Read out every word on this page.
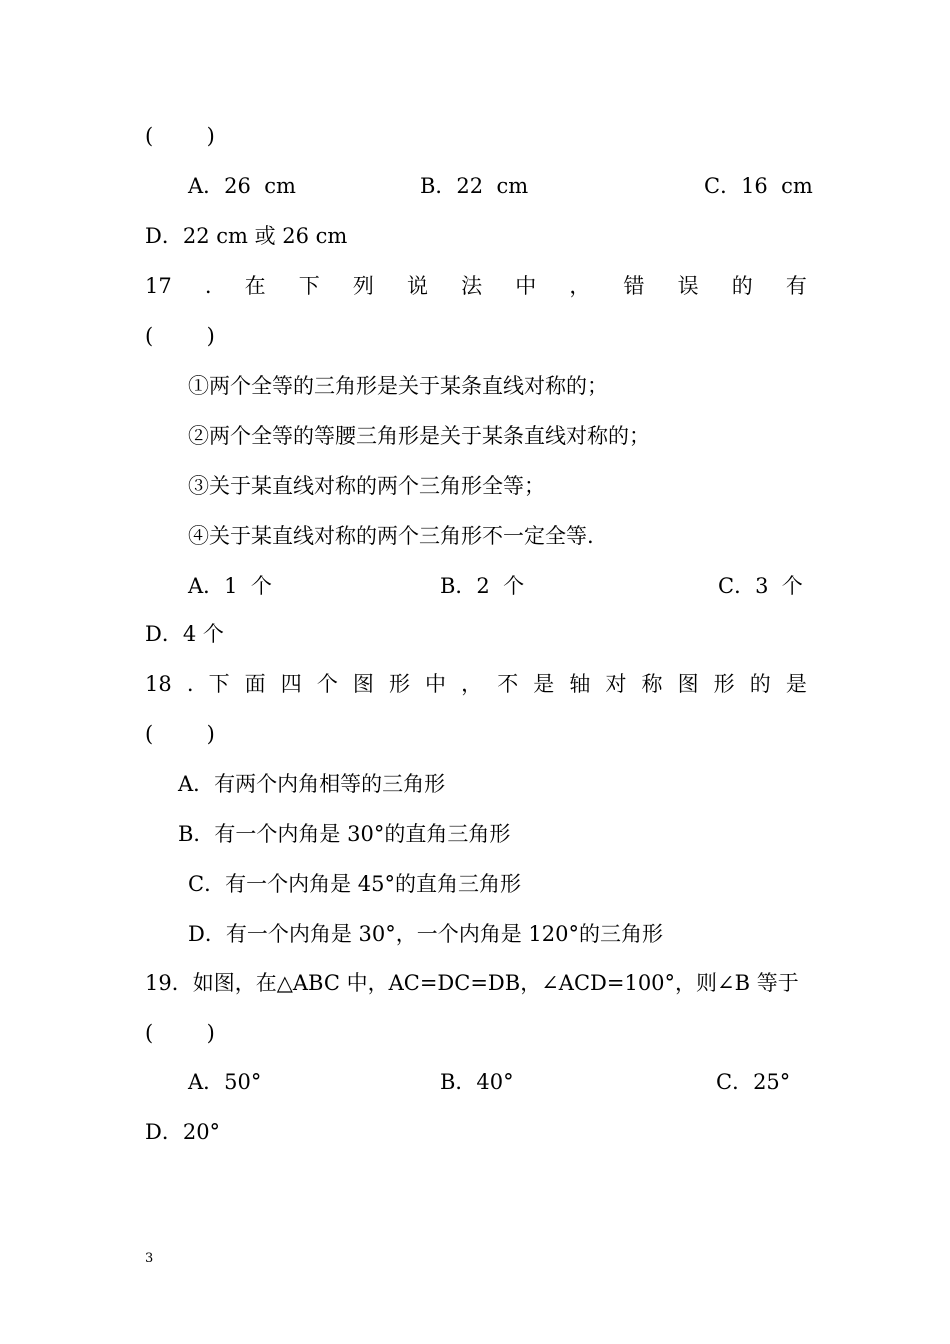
(        )
A．26  cm	B．22  cm	C．16  cm
D．22 cm 或 26 cm
17 . 在 下 列 说 法 中 ， 错 误 的 有
(        )
①两个全等的三角形是关于某条直线对称的；
②两个全等的等腰三角形是关于某条直线对称的；
③关于某直线对称的两个三角形全等；
④关于某直线对称的两个三角形不一定全等.
A．1  个	B．2  个	C．3  个
D．4 个
18 . 下 面 四 个 图 形 中 ， 不 是 轴 对 称 图 形 的 是
(        )
A．有两个内角相等的三角形
B．有一个内角是 30°的直角三角形
C．有一个内角是 45°的直角三角形
D．有一个内角是 30°，一个内角是 120°的三角形
19．如图，在△ABC 中，AC=DC=DB，∠ACD=100°，则∠B 等于
(        )
A．50°	B．40°	C．25°
D．20°
3
